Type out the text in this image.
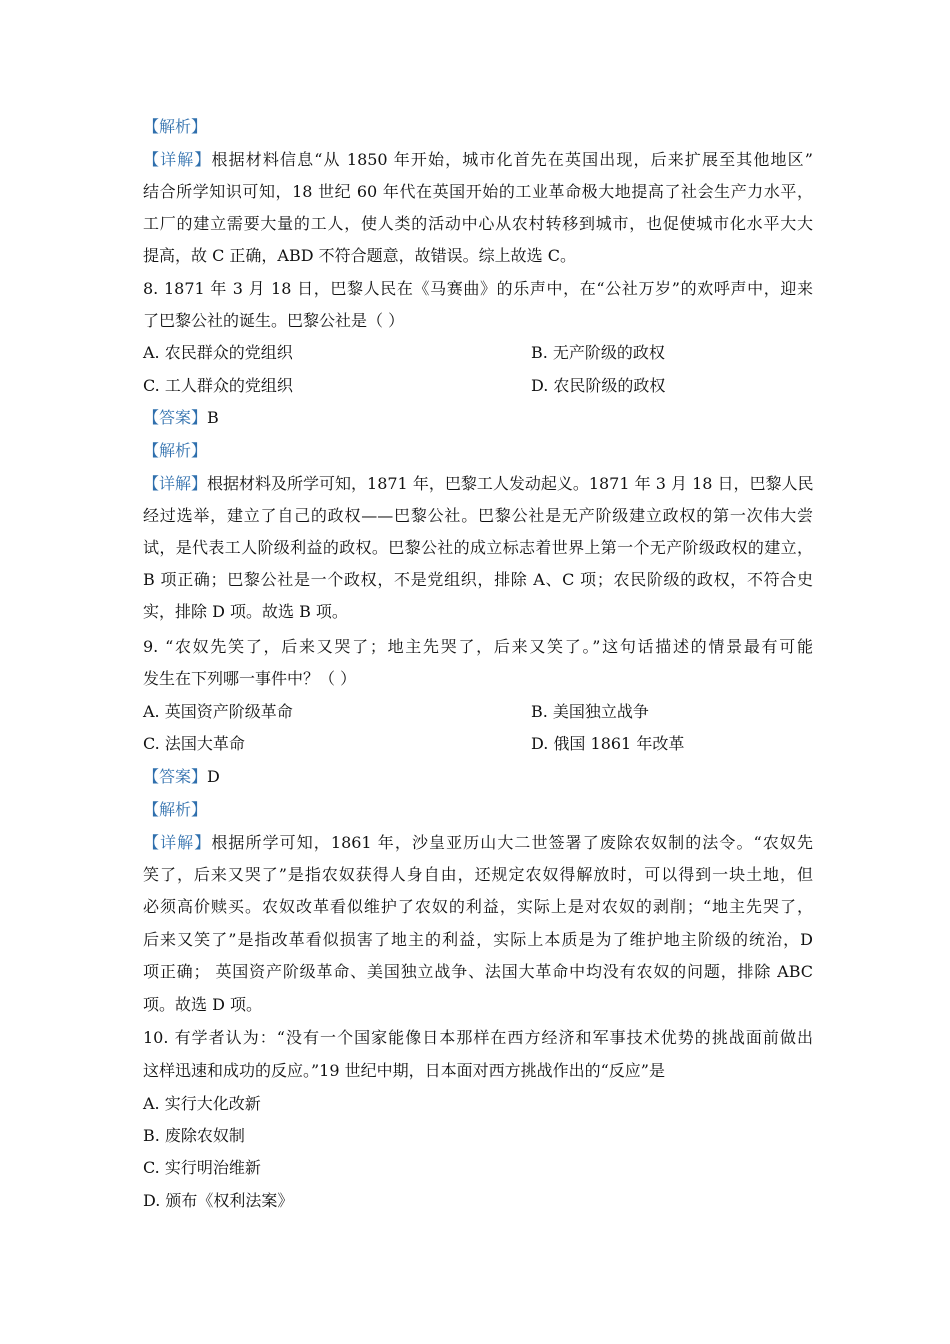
【解析】
【详解】根据材料信息“从 1850 年开始，城市化首先在英国出现，后来扩展至其他地区”
结合所学知识可知，18 世纪 60 年代在英国开始的工业革命极大地提高了社会生产力水平，
工厂的建立需要大量的工人，使人类的活动中心从农村转移到城市，也促使城市化水平大大
提高，故 C 正确，ABD 不符合题意，故错误。综上故选 C。
8. 1871 年 3 月 18 日，巴黎人民在《马赛曲》的乐声中，在“公社万岁”的欢呼声中，迎来
了巴黎公社的诞生。巴黎公社是（ ）
A. 农民群众的党组织	B. 无产阶级的政权
C. 工人群众的党组织	D. 农民阶级的政权
【答案】B
【解析】
【详解】根据材料及所学可知，1871 年，巴黎工人发动起义。1871 年 3 月 18 日，巴黎人民
经过选举，建立了自己的政权——巴黎公社。巴黎公社是无产阶级建立政权的第一次伟大尝
试，是代表工人阶级利益的政权。巴黎公社的成立标志着世界上第一个无产阶级政权的建立，
B 项正确；巴黎公社是一个政权，不是党组织，排除 A、C 项；农民阶级的政权，不符合史
实，排除 D 项。故选 B 项。
9. “农奴先笑了，后来又哭了；地主先哭了，后来又笑了。”这句话描述的情景最有可能
发生在下列哪一事件中？（ ）
A. 英国资产阶级革命	B. 美国独立战争
C. 法国大革命	D. 俄国 1861 年改革
【答案】D
【解析】
【详解】根据所学可知，1861 年，沙皇亚历山大二世签署了废除农奴制的法令。“农奴先
笑了，后来又哭了”是指农奴获得人身自由，还规定农奴得解放时，可以得到一块土地，但
必须高价赎买。农奴改革看似维护了农奴的利益，实际上是对农奴的剥削；“地主先哭了，
后来又笑了”是指改革看似损害了地主的利益，实际上本质是为了维护地主阶级的统治，D
项正确； 英国资产阶级革命、美国独立战争、法国大革命中均没有农奴的问题，排除 ABC
项。故选 D 项。
10. 有学者认为：“没有一个国家能像日本那样在西方经济和军事技术优势的挑战面前做出
这样迅速和成功的反应。”19 世纪中期，日本面对西方挑战作出的“反应”是
A. 实行大化改新
B. 废除农奴制
C. 实行明治维新
D. 颁布《权利法案》
